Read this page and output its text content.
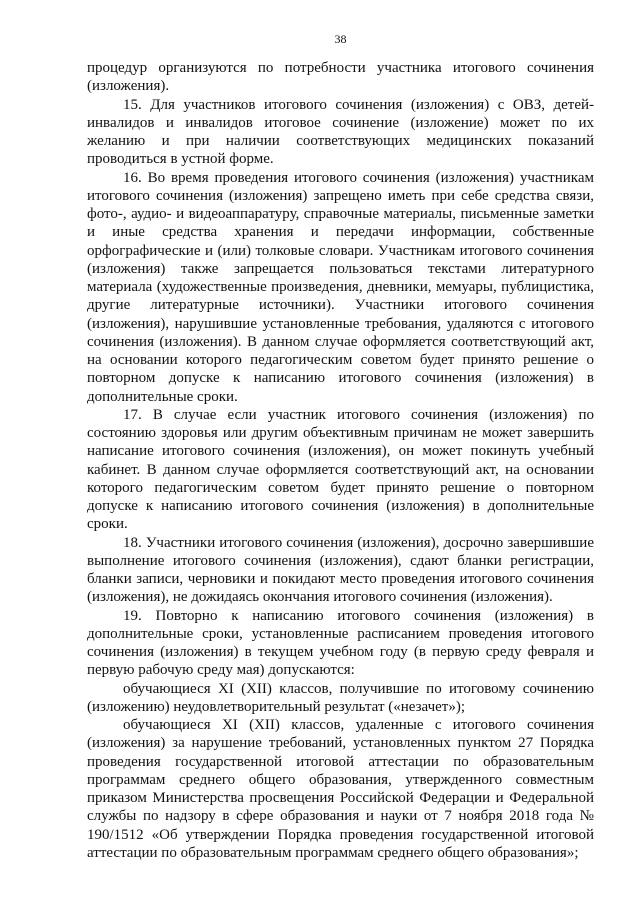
38

процедур организуются по потребности участника итогового сочинения (изложения).

15. Для участников итогового сочинения (изложения) с ОВЗ, детей-инвалидов и инвалидов итоговое сочинение (изложение) может по их желанию и при наличии соответствующих медицинских показаний проводиться в устной форме.

16. Во время проведения итогового сочинения (изложения) участникам итогового сочинения (изложения) запрещено иметь при себе средства связи, фото-, аудио- и видеоаппаратуру, справочные материалы, письменные заметки и иные средства хранения и передачи информации, собственные орфографические и (или) толковые словари. Участникам итогового сочинения (изложения) также запрещается пользоваться текстами литературного материала (художественные произведения, дневники, мемуары, публицистика, другие литературные источники). Участники итогового сочинения (изложения), нарушившие установленные требования, удаляются с итогового сочинения (изложения). В данном случае оформляется соответствующий акт, на основании которого педагогическим советом будет принято решение о повторном допуске к написанию итогового сочинения (изложения) в дополнительные сроки.

17. В случае если участник итогового сочинения (изложения) по состоянию здоровья или другим объективным причинам не может завершить написание итогового сочинения (изложения), он может покинуть учебный кабинет. В данном случае оформляется соответствующий акт, на основании которого педагогическим советом будет принято решение о повторном допуске к написанию итогового сочинения (изложения) в дополнительные сроки.

18. Участники итогового сочинения (изложения), досрочно завершившие выполнение итогового сочинения (изложения), сдают бланки регистрации, бланки записи, черновики и покидают место проведения итогового сочинения (изложения), не дожидаясь окончания итогового сочинения (изложения).

19. Повторно к написанию итогового сочинения (изложения) в дополнительные сроки, установленные расписанием проведения итогового сочинения (изложения) в текущем учебном году (в первую среду февраля и первую рабочую среду мая) допускаются:

обучающиеся XI (XII) классов, получившие по итоговому сочинению (изложению) неудовлетворительный результат («незачет»);

обучающиеся XI (XII) классов, удаленные с итогового сочинения (изложения) за нарушение требований, установленных пунктом 27 Порядка проведения государственной итоговой аттестации по образовательным программам среднего общего образования, утвержденного совместным приказом Министерства просвещения Российской Федерации и Федеральной службы по надзору в сфере образования и науки от 7 ноября 2018 года № 190/1512 «Об утверждении Порядка проведения государственной итоговой аттестации по образовательным программам среднего общего образования»;
